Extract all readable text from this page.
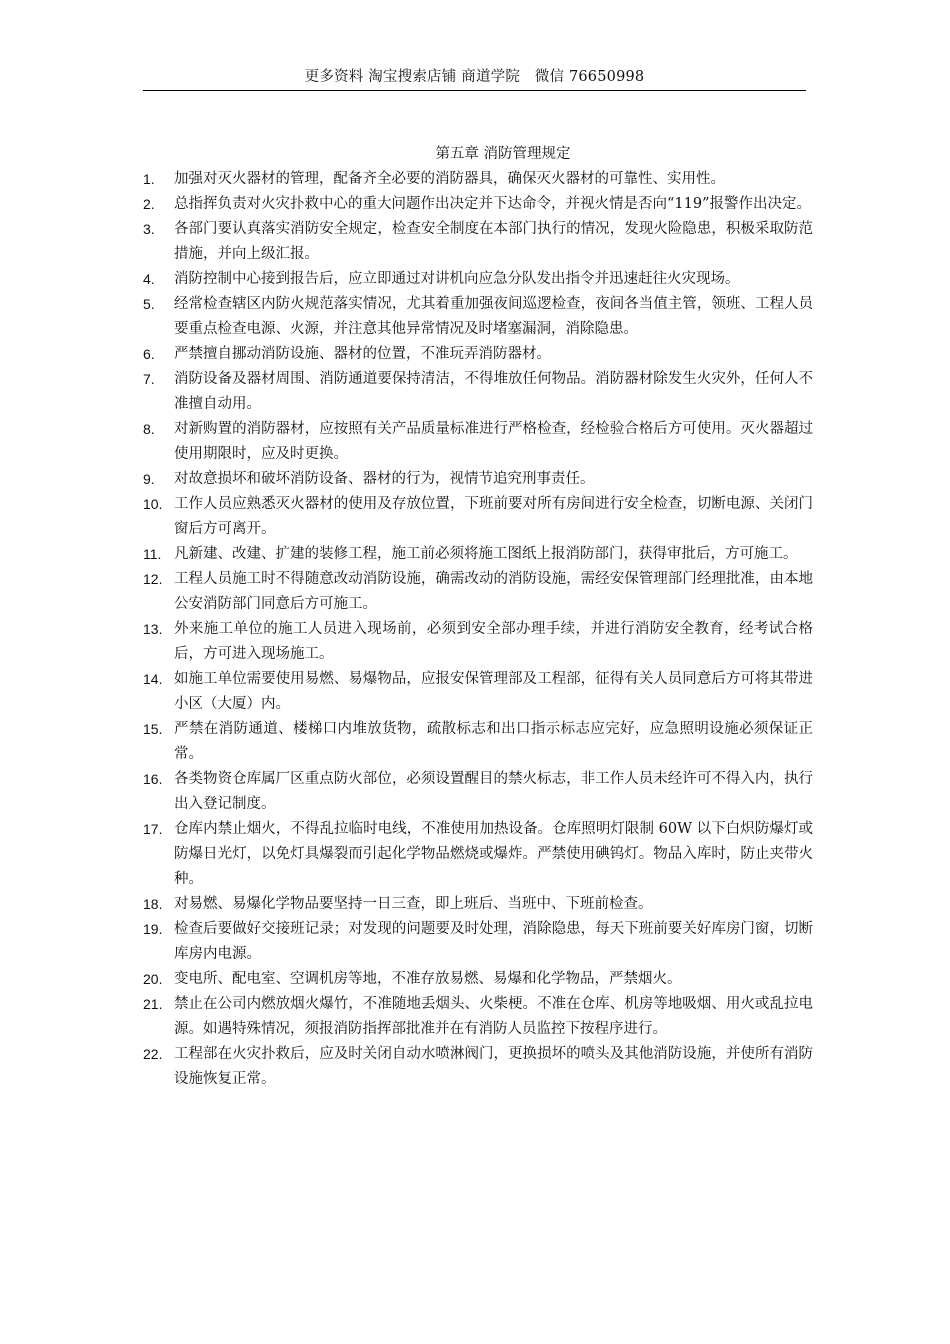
更多资料 淘宝搜索店铺 商道学院　微信 76650998
第五章 消防管理规定
1. 加强对灭火器材的管理，配备齐全必要的消防器具，确保灭火器材的可靠性、实用性。
2. 总指挥负责对火灾扑救中心的重大问题作出决定并下达命令，并视火情是否向“119”报警作出决定。
3. 各部门要认真落实消防安全规定，检查安全制度在本部门执行的情况，发现火险隐患，积极采取防范措施，并向上级汇报。
4. 消防控制中心接到报告后，应立即通过对讲机向应急分队发出指令并迅速赶往火灾现场。
5. 经常检查辖区内防火规范落实情况，尤其着重加强夜间巡逻检查，夜间各当值主管，领班、工程人员要重点检查电源、火源，并注意其他异常情况及时堵塞漏洞，消除隐患。
6. 严禁擅自挪动消防设施、器材的位置，不准玩弄消防器材。
7. 消防设备及器材周围、消防通道要保持清洁，不得堆放任何物品。消防器材除发生火灾外，任何人不准擅自动用。
8. 对新购置的消防器材，应按照有关产品质量标准进行严格检查，经检验合格后方可使用。灭火器超过使用期限时，应及时更换。
9. 对故意损坏和破坏消防设备、器材的行为，视情节追究刑事责任。
10. 工作人员应熟悉灭火器材的使用及存放位置，下班前要对所有房间进行安全检查，切断电源、关闭门窗后方可离开。
11. 凡新建、改建、扩建的装修工程，施工前必须将施工图纸上报消防部门，获得审批后，方可施工。
12. 工程人员施工时不得随意改动消防设施，确需改动的消防设施，需经安保管理部门经理批准，由本地公安消防部门同意后方可施工。
13. 外来施工单位的施工人员进入现场前，必须到安全部办理手续，并进行消防安全教育，经考试合格后，方可进入现场施工。
14. 如施工单位需要使用易燃、易爆物品，应报安保管理部及工程部，征得有关人员同意后方可将其带进小区（大厦）内。
15. 严禁在消防通道、楼梯口内堆放货物，疏散标志和出口指示标志应完好，应急照明设施必须保证正常。
16. 各类物资仓库属厂区重点防火部位，必须设置醒目的禁火标志，非工作人员未经许可不得入内，执行出入登记制度。
17. 仓库内禁止烟火，不得乱拉临时电线，不准使用加热设备。仓库照明灯限制 60W 以下白炽防爆灯或防爆日光灯，以免灯具爆裂而引起化学物品燃烧或爆炸。严禁使用碘钨灯。物品入库时，防止夹带火种。
18. 对易燃、易爆化学物品要坚持一日三查，即上班后、当班中、下班前检查。
19. 检查后要做好交接班记录；对发现的问题要及时处理，消除隐患，每天下班前要关好库房门窗，切断库房内电源。
20. 变电所、配电室、空调机房等地，不准存放易燃、易爆和化学物品，严禁烟火。
21. 禁止在公司内燃放烟火爆竹，不准随地丢烟头、火柴梗。不准在仓库、机房等地吸烟、用火或乱拉电源。如遇特殊情况，须报消防指挥部批准并在有消防人员监控下按程序进行。
22. 工程部在火灾扑救后，应及时关闭自动水喷淋阀门，更换损坏的喷头及其他消防设施，并使所有消防设施恢复正常。
